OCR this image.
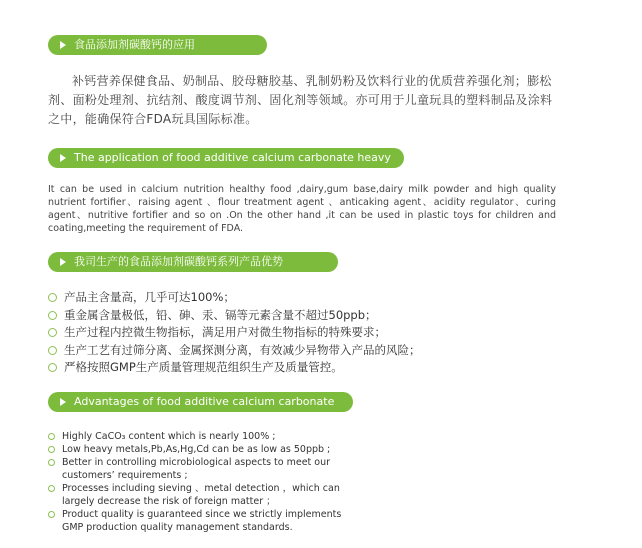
食品添加剂碳酸钙的应用

补钙营养保健食品、奶制品、胶母糖胶基、乳制奶粉及饮料行业的优质营养强化剂；膨松剂、面粉处理剂、抗结剂、酸度调节剂、固化剂等领域。亦可用于儿童玩具的塑料制品及涂料之中，能确保符合FDA玩具国际标准。

The application of food additive calcium carbonate heavy

It can be used in calcium nutrition healthy food ,dairy,gum base,dairy milk powder and high quality nutrient fortifier、raising agent 、flour treatment agent 、anticaking agent、acidity regulator、curing agent、nutritive fortifier and so on .On the other hand ,it can be used in plastic toys for children and coating,meeting the requirement of FDA.

我司生产的食品添加剂碳酸钙系列产品优势
产品主含量高，几乎可达100%；
重金属含量极低，铅、砷、汞、镉等元素含量不超过50ppb；
生产过程内控微生物指标，满足用户对微生物指标的特殊要求；
生产工艺有过筛分离、金属探测分离，有效减少异物带入产品的风险；
严格按照GMP生产质量管理规范组织生产及质量管控。
Advantages of food additive calcium carbonate
Highly CaCO₃ content which is nearly 100% ;
Low heavy metals,Pb,As,Hg,Cd can be as low as 50ppb ;
Better in controlling microbiological aspects to meet our customers’ requirements ;
Processes including sieving 、metal detection ，which can largely decrease the risk of foreign matter ；
Product quality is guaranteed since we strictly implements GMP production quality management standards.
